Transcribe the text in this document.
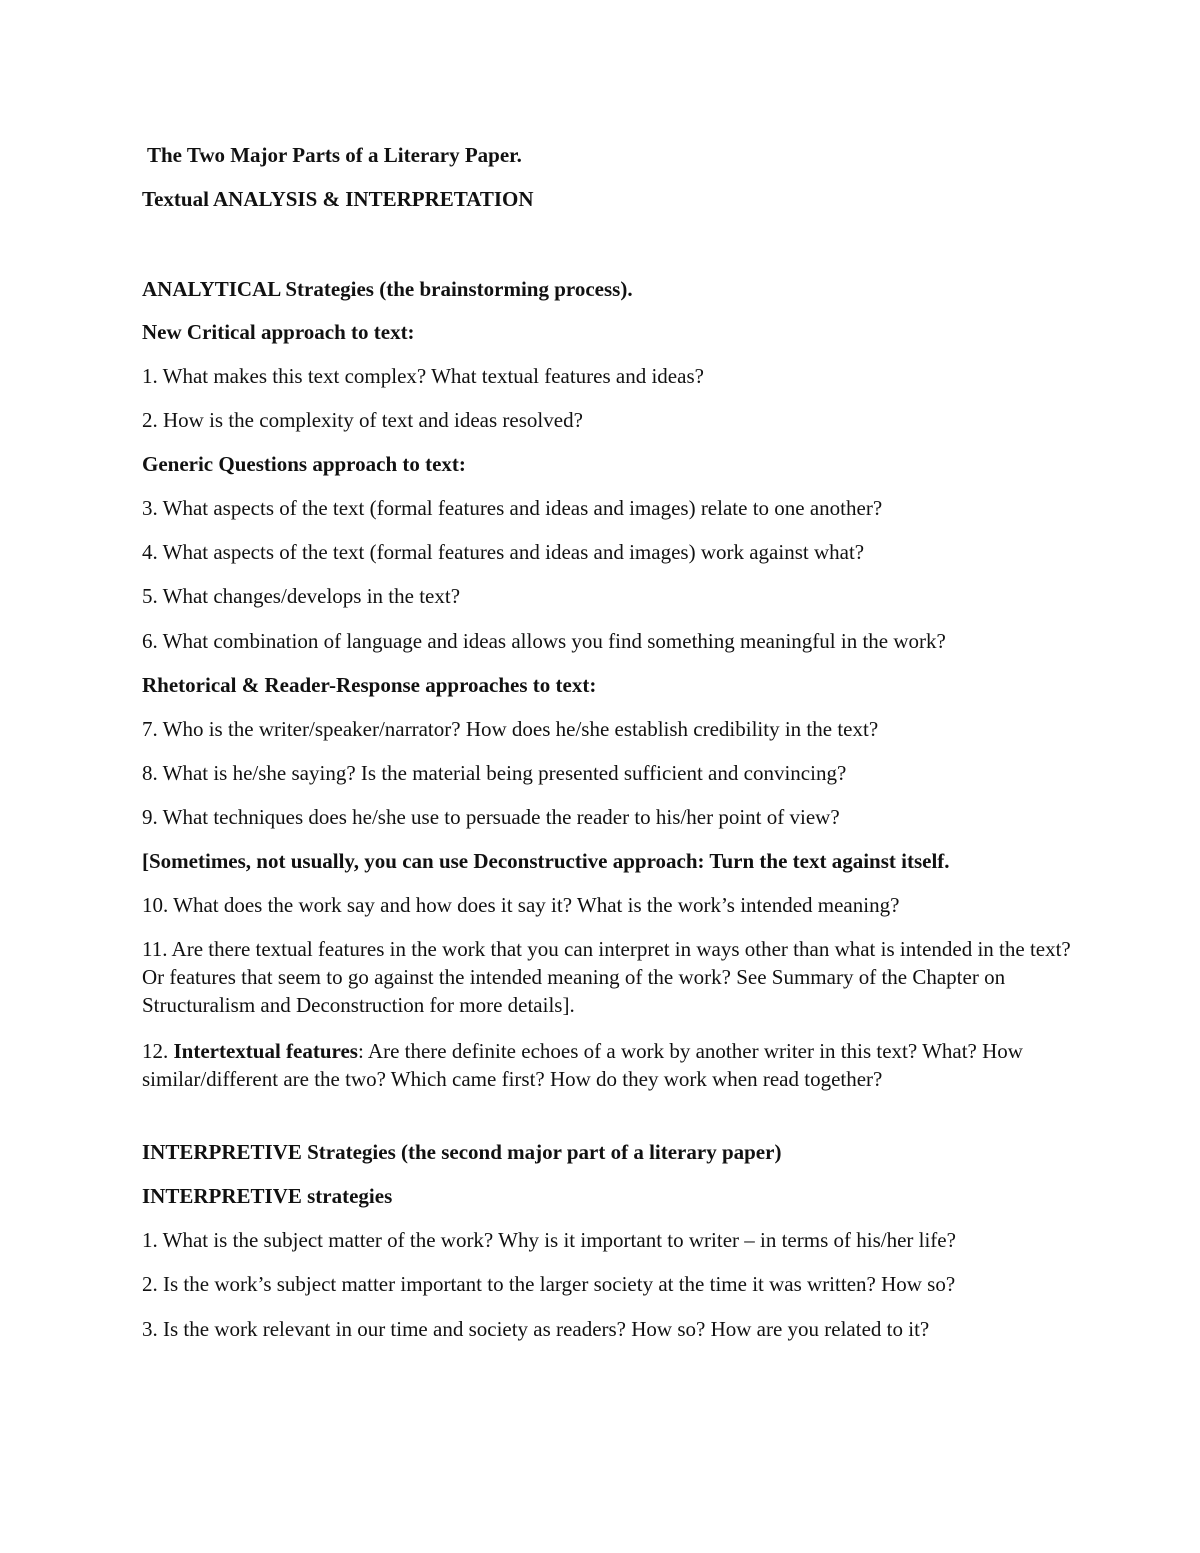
The Two Major Parts of a Literary Paper.

Textual ANALYSIS & INTERPRETATION

ANALYTICAL Strategies (the brainstorming process).

New Critical approach to text:

1. What makes this text complex? What textual features and ideas?

2. How is the complexity of text and ideas resolved?

Generic Questions approach to text:

3. What aspects of the text (formal features and ideas and images) relate to one another?

4. What aspects of the text (formal features and ideas and images) work against what?

5. What changes/develops in the text?

6. What combination of language and ideas allows you find something meaningful in the work?

Rhetorical & Reader-Response approaches to text:

7. Who is the writer/speaker/narrator? How does he/she establish credibility in the text?

8. What is he/she saying? Is the material being presented sufficient and convincing?

9. What techniques does he/she use to persuade the reader to his/her point of view?

[Sometimes, not usually, you can use Deconstructive approach: Turn the text against itself.

10. What does the work say and how does it say it? What is the work’s intended meaning?

11. Are there textual features in the work that you can interpret in ways other than what is intended in the text? Or features that seem to go against the intended meaning of the work? See Summary of the Chapter on Structuralism and Deconstruction for more details].

12. Intertextual features: Are there definite echoes of a work by another writer in this text? What? How similar/different are the two? Which came first? How do they work when read together?

INTERPRETIVE Strategies (the second major part of a literary paper)

INTERPRETIVE strategies

1. What is the subject matter of the work? Why is it important to writer – in terms of his/her life?

2. Is the work’s subject matter important to the larger society at the time it was written? How so?

3. Is the work relevant in our time and society as readers? How so? How are you related to it?
